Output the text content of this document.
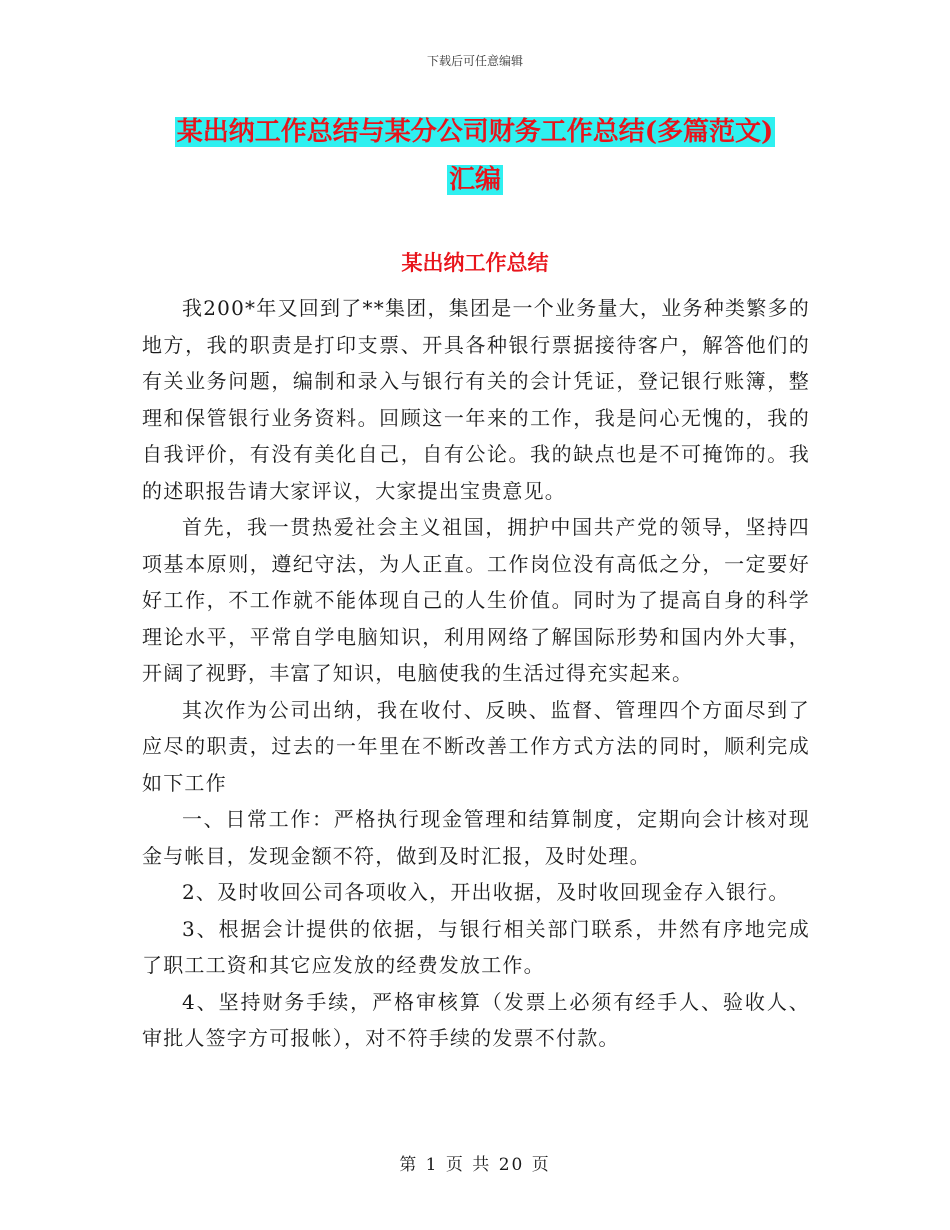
下载后可任意编辑
某出纳工作总结与某分公司财务工作总结(多篇范文)
汇编
某出纳工作总结

我200*年又回到了**集团，集团是一个业务量大，业务种类繁多的地方，我的职责是打印支票、开具各种银行票据接待客户，解答他们的有关业务问题，编制和录入与银行有关的会计凭证，登记银行账簿，整理和保管银行业务资料。回顾这一年来的工作，我是问心无愧的，我的自我评价，有没有美化自己，自有公论。我的缺点也是不可掩饰的。我的述职报告请大家评议，大家提出宝贵意见。

首先，我一贯热爱社会主义祖国，拥护中国共产党的领导，坚持四项基本原则，遵纪守法，为人正直。工作岗位没有高低之分，一定要好好工作，不工作就不能体现自己的人生价值。同时为了提高自身的科学理论水平，平常自学电脑知识，利用网络了解国际形势和国内外大事，开阔了视野，丰富了知识，电脑使我的生活过得充实起来。

其次作为公司出纳，我在收付、反映、监督、管理四个方面尽到了应尽的职责，过去的一年里在不断改善工作方式方法的同时，顺利完成如下工作

一、日常工作：严格执行现金管理和结算制度，定期向会计核对现金与帐目，发现金额不符，做到及时汇报，及时处理。

2、及时收回公司各项收入，开出收据，及时收回现金存入银行。

3、根据会计提供的依据，与银行相关部门联系，井然有序地完成了职工工资和其它应发放的经费发放工作。

4、坚持财务手续，严格审核算（发票上必须有经手人、验收人、审批人签字方可报帐），对不符手续的发票不付款。

第 1 页 共 20 页
